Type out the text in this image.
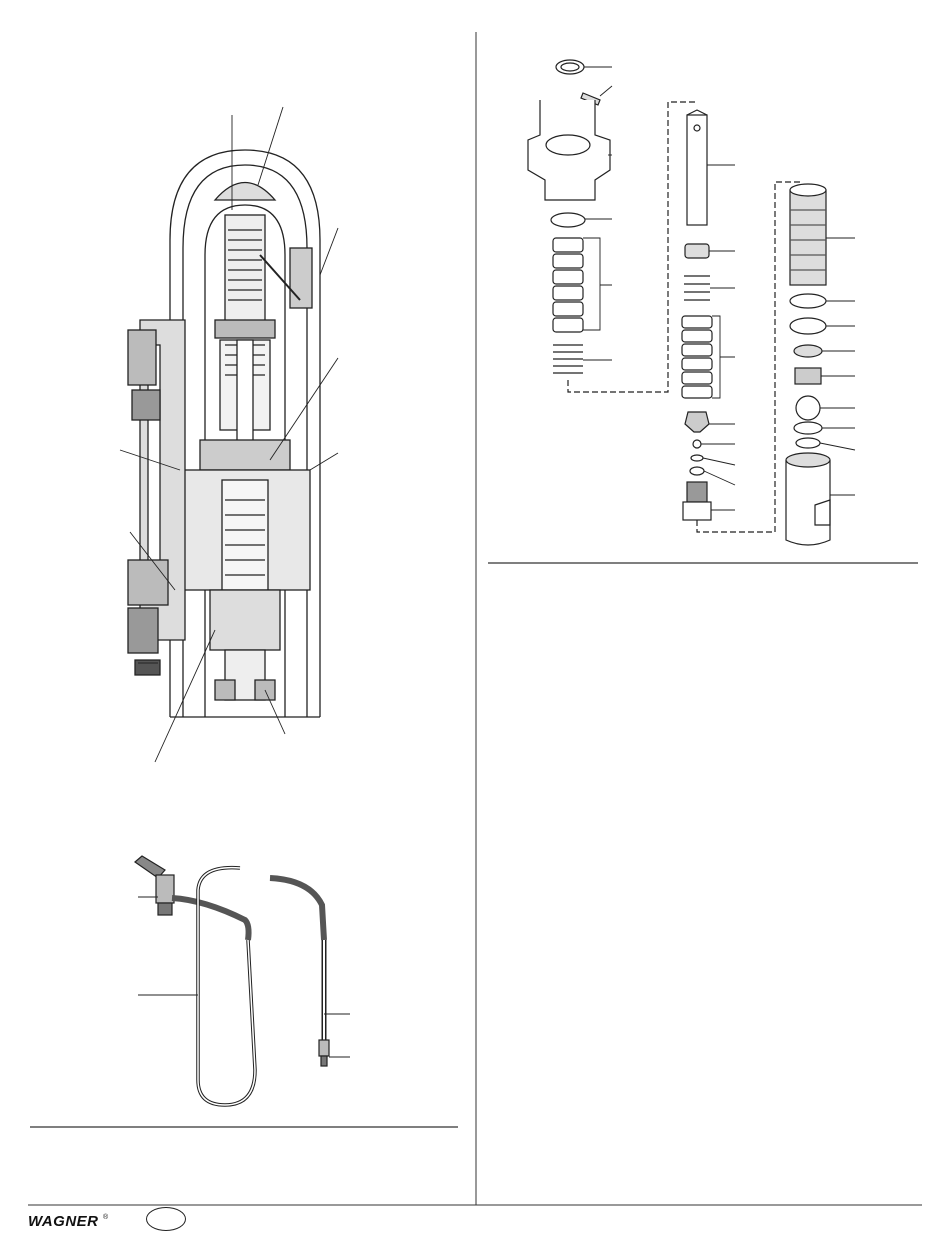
WAGNER ®
